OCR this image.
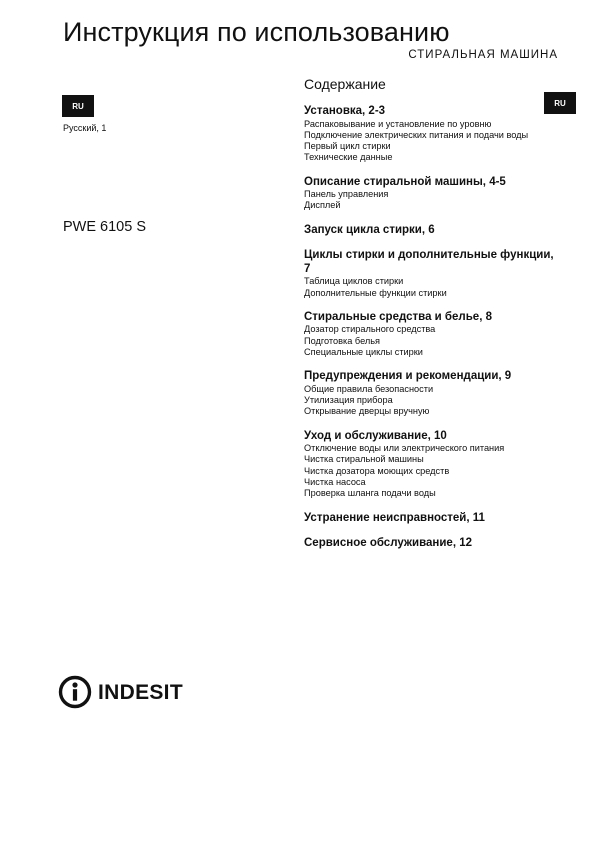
Инструкция по использованию
СТИРАЛЬНАЯ МАШИНА
RU
Русский, 1
RU
PWE 6105 S
Содержание
Установка, 2-3
Распаковывание и установление по уровню
Подключение электрических питания и подачи воды
Первый цикл стирки
Технические данные
Описание стиральной машины, 4-5
Панель управления
Дисплей
Запуск цикла стирки, 6
Циклы стирки и дополнительные функции, 7
Таблица циклов стирки
Дополнительные функции стирки
Стиральные средства и белье, 8
Дозатор стирального средства
Подготовка белья
Специальные циклы стирки
Предупреждения и рекомендации, 9
Общие правила безопасности
Утилизация прибора
Открывание дверцы вручную
Уход и обслуживание, 10
Отключение воды или электрического питания
Чистка стиральной машины
Чистка дозатора моющих средств
Чистка насоса
Проверка шланга подачи воды
Устранение неисправностей, 11
Сервисное обслуживание, 12
INDESIT
